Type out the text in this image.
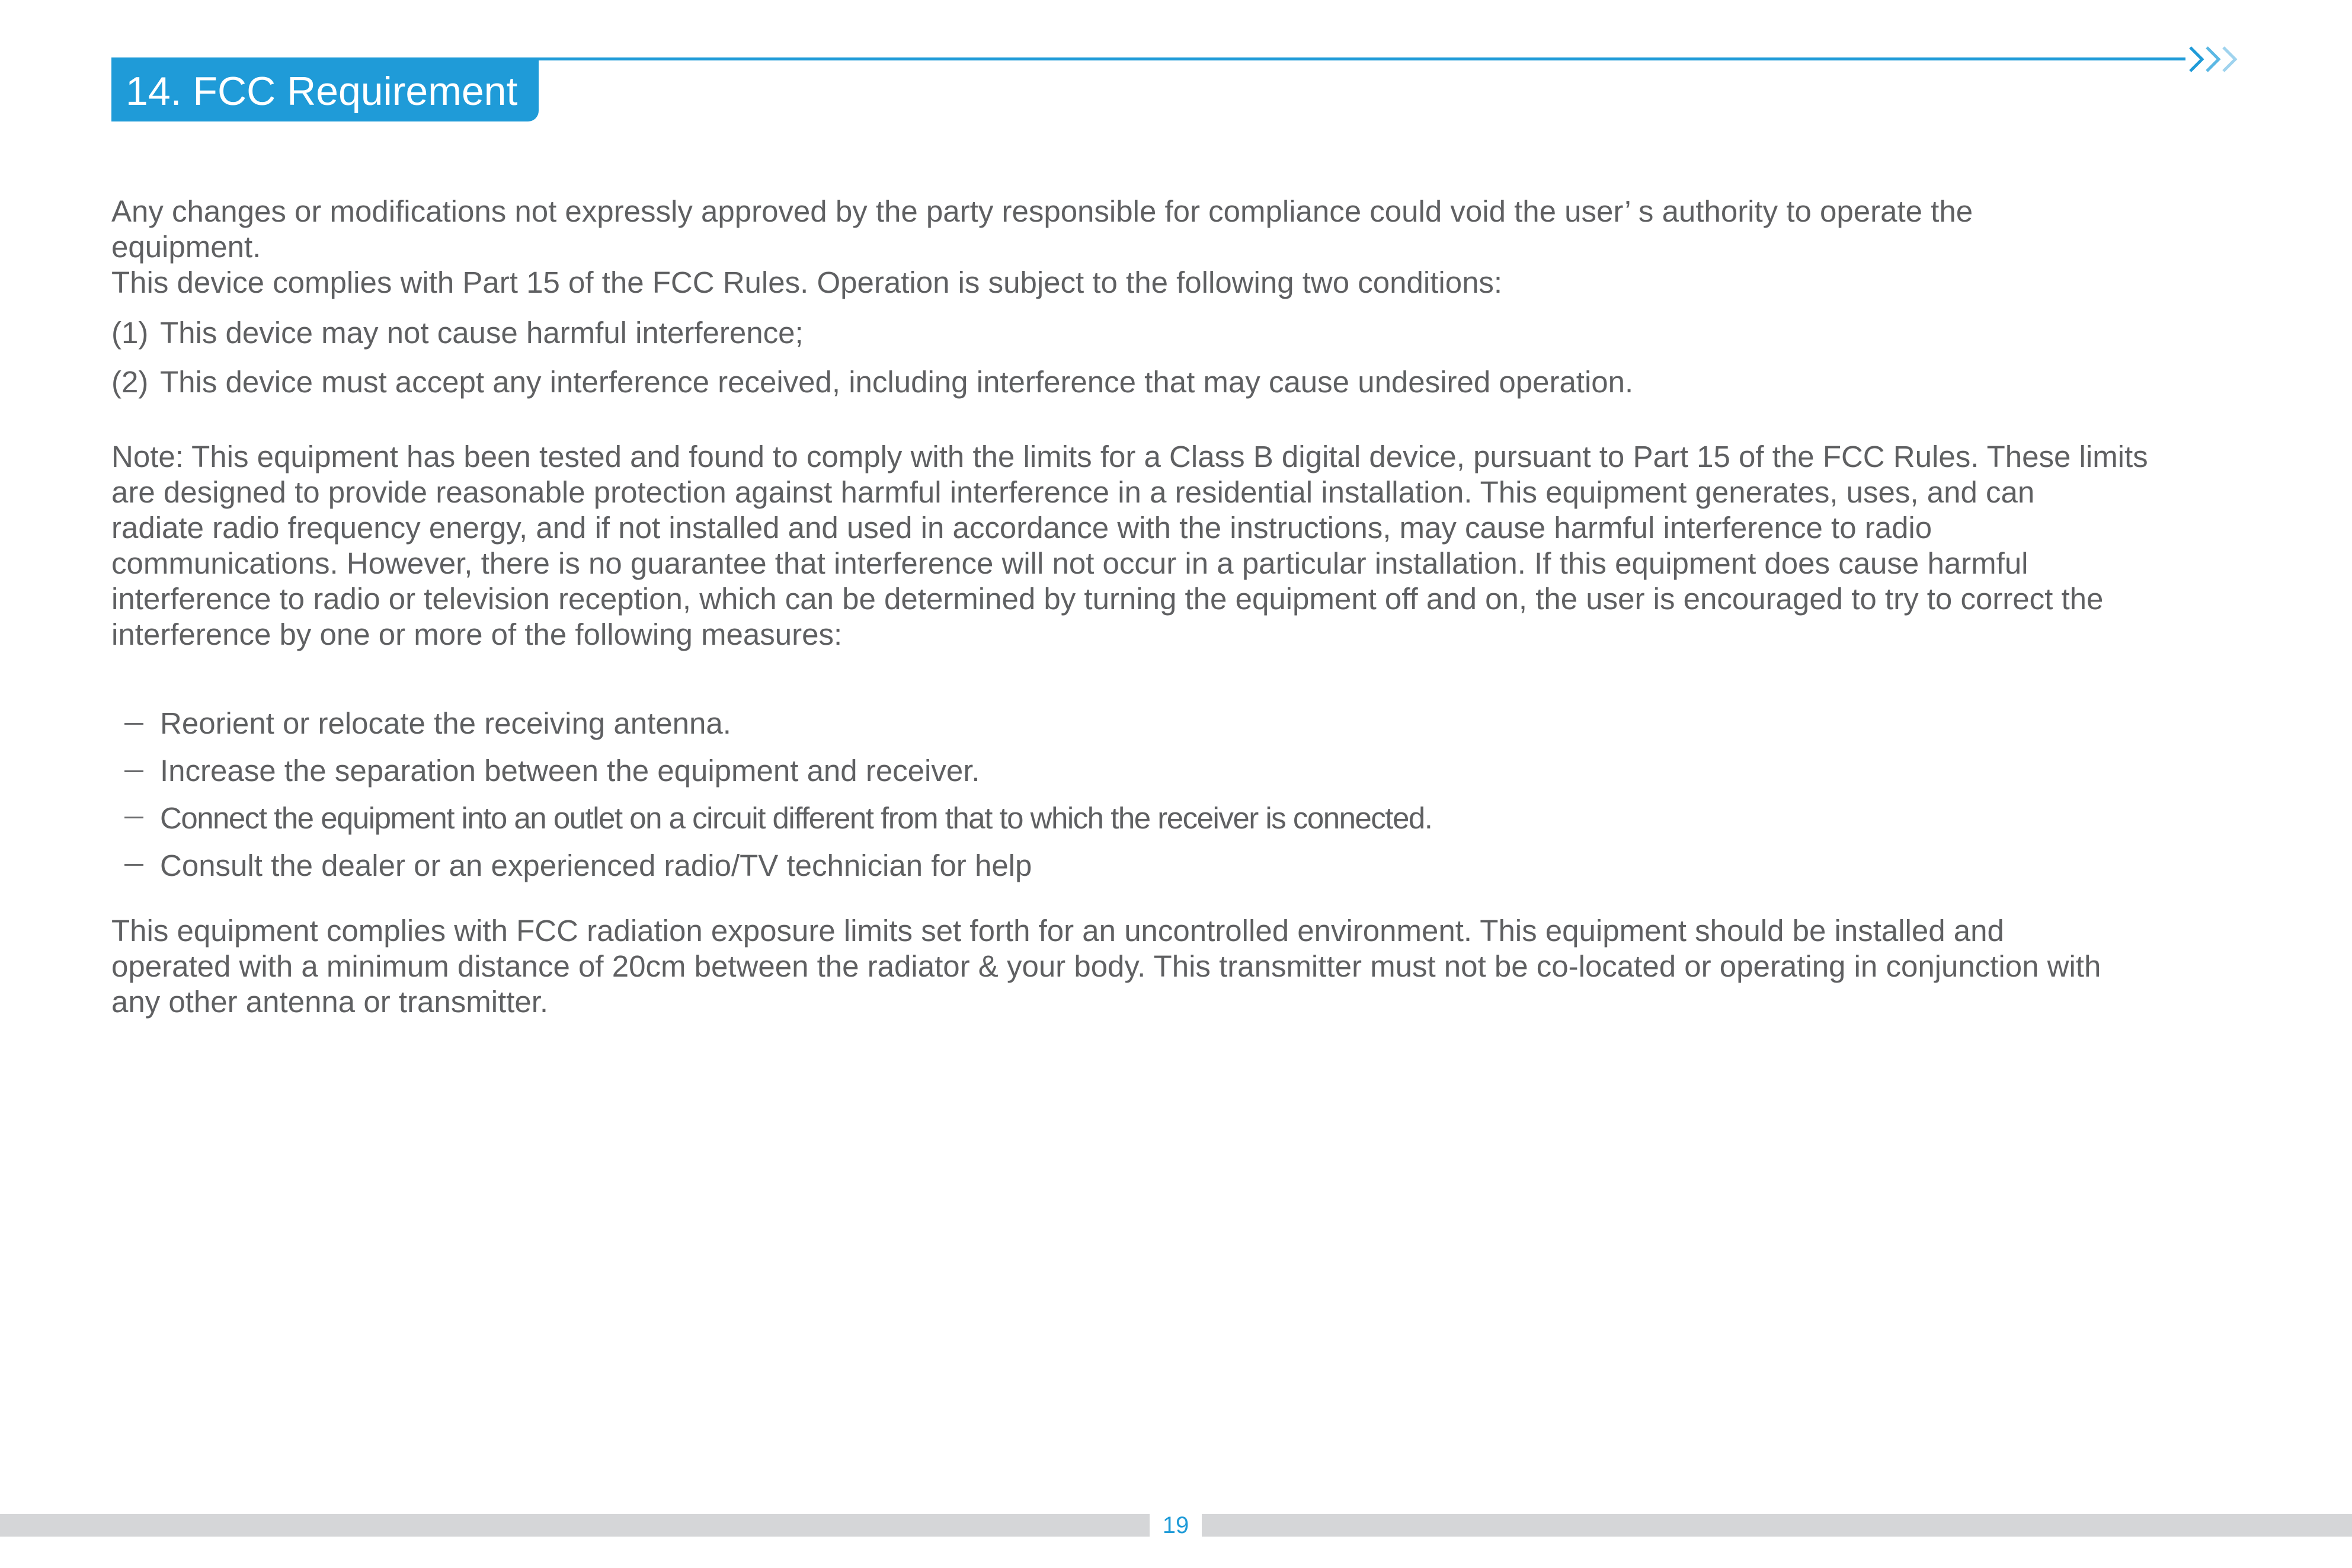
14. FCC Requirement
Any changes or modifications not expressly approved by the party responsible for compliance could void the user’ s authority to operate the
equipment.
This device complies with Part 15 of the FCC Rules. Operation is subject to the following two conditions:
(1) This device may not cause harmful interference;
(2) This device must accept any interference received, including interference that may cause undesired operation.
Note: This equipment has been tested and found to comply with the limits for a Class B digital device, pursuant to Part 15 of the FCC Rules. These limits
are designed to provide reasonable protection against harmful interference in a residential installation. This equipment generates, uses, and can
radiate radio frequency energy, and if not installed and used in accordance with the instructions, may cause harmful interference to radio
communications. However, there is no guarantee that interference will not occur in a particular installation. If this equipment does cause harmful
interference to radio or television reception, which can be determined by turning the equipment off and on, the user is encouraged to try to correct the
interference by one or more of the following measures:
Reorient or relocate the receiving antenna.
Increase the separation between the equipment and receiver.
Connect the equipment into an outlet on a circuit different from that to which the receiver is connected.
Consult the dealer or an experienced radio/TV technician for help
This equipment complies with FCC radiation exposure limits set forth for an uncontrolled environment. This equipment should be installed and
operated with a minimum distance of 20cm between the radiator & your body. This transmitter must not be co-located or operating in conjunction with
any other antenna or transmitter.
19
